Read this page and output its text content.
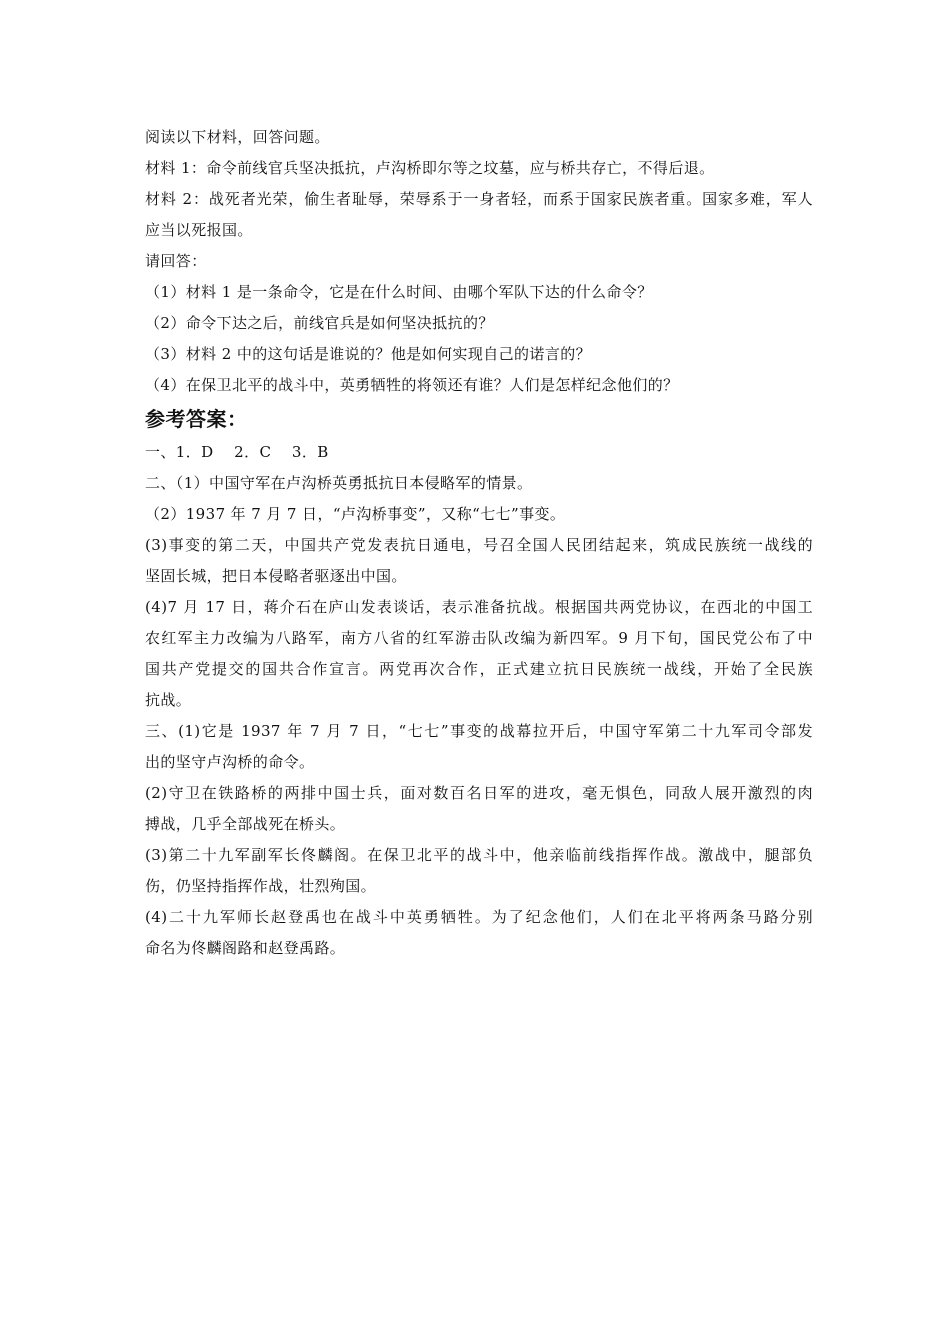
阅读以下材料，回答问题。
材料 1：命令前线官兵坚决抵抗，卢沟桥即尔等之坟墓，应与桥共存亡，不得后退。
材料 2：战死者光荣，偷生者耻辱，荣辱系于一身者轻，而系于国家民族者重。国家多难，军人
应当以死报国。
请回答：
（1）材料 1 是一条命令，它是在什么时间、由哪个军队下达的什么命令？
（2）命令下达之后，前线官兵是如何坚决抵抗的？
（3）材料 2 中的这句话是谁说的？他是如何实现自己的诺言的？
（4）在保卫北平的战斗中，英勇牺牲的将领还有谁？人们是怎样纪念他们的？
参考答案：
一、1．D　 2．C　 3．B
二、（1）中国守军在卢沟桥英勇抵抗日本侵略军的情景。
（2）1937 年 7 月 7 日，“卢沟桥事变”，又称“七七”事变。
(3)事变的第二天，中国共产党发表抗日通电，号召全国人民团结起来，筑成民族统一战线的
坚固长城，把日本侵略者驱逐出中国。
(4)7 月 17 日，蒋介石在庐山发表谈话，表示准备抗战。根据国共两党协议，在西北的中国工
农红军主力改编为八路军，南方八省的红军游击队改编为新四军。9 月下旬，国民党公布了中
国共产党提交的国共合作宣言。两党再次合作，正式建立抗日民族统一战线，开始了全民族
抗战。
三、(1)它是 1937 年 7 月 7 日，“七七”事变的战幕拉开后，中国守军第二十九军司令部发
出的坚守卢沟桥的命令。
(2)守卫在铁路桥的两排中国士兵，面对数百名日军的进攻，毫无惧色，同敌人展开激烈的肉
搏战，几乎全部战死在桥头。
(3)第二十九军副军长佟麟阁。在保卫北平的战斗中，他亲临前线指挥作战。激战中，腿部负
伤，仍坚持指挥作战，壮烈殉国。
(4)二十九军师长赵登禹也在战斗中英勇牺牲。为了纪念他们，人们在北平将两条马路分别
命名为佟麟阁路和赵登禹路。
